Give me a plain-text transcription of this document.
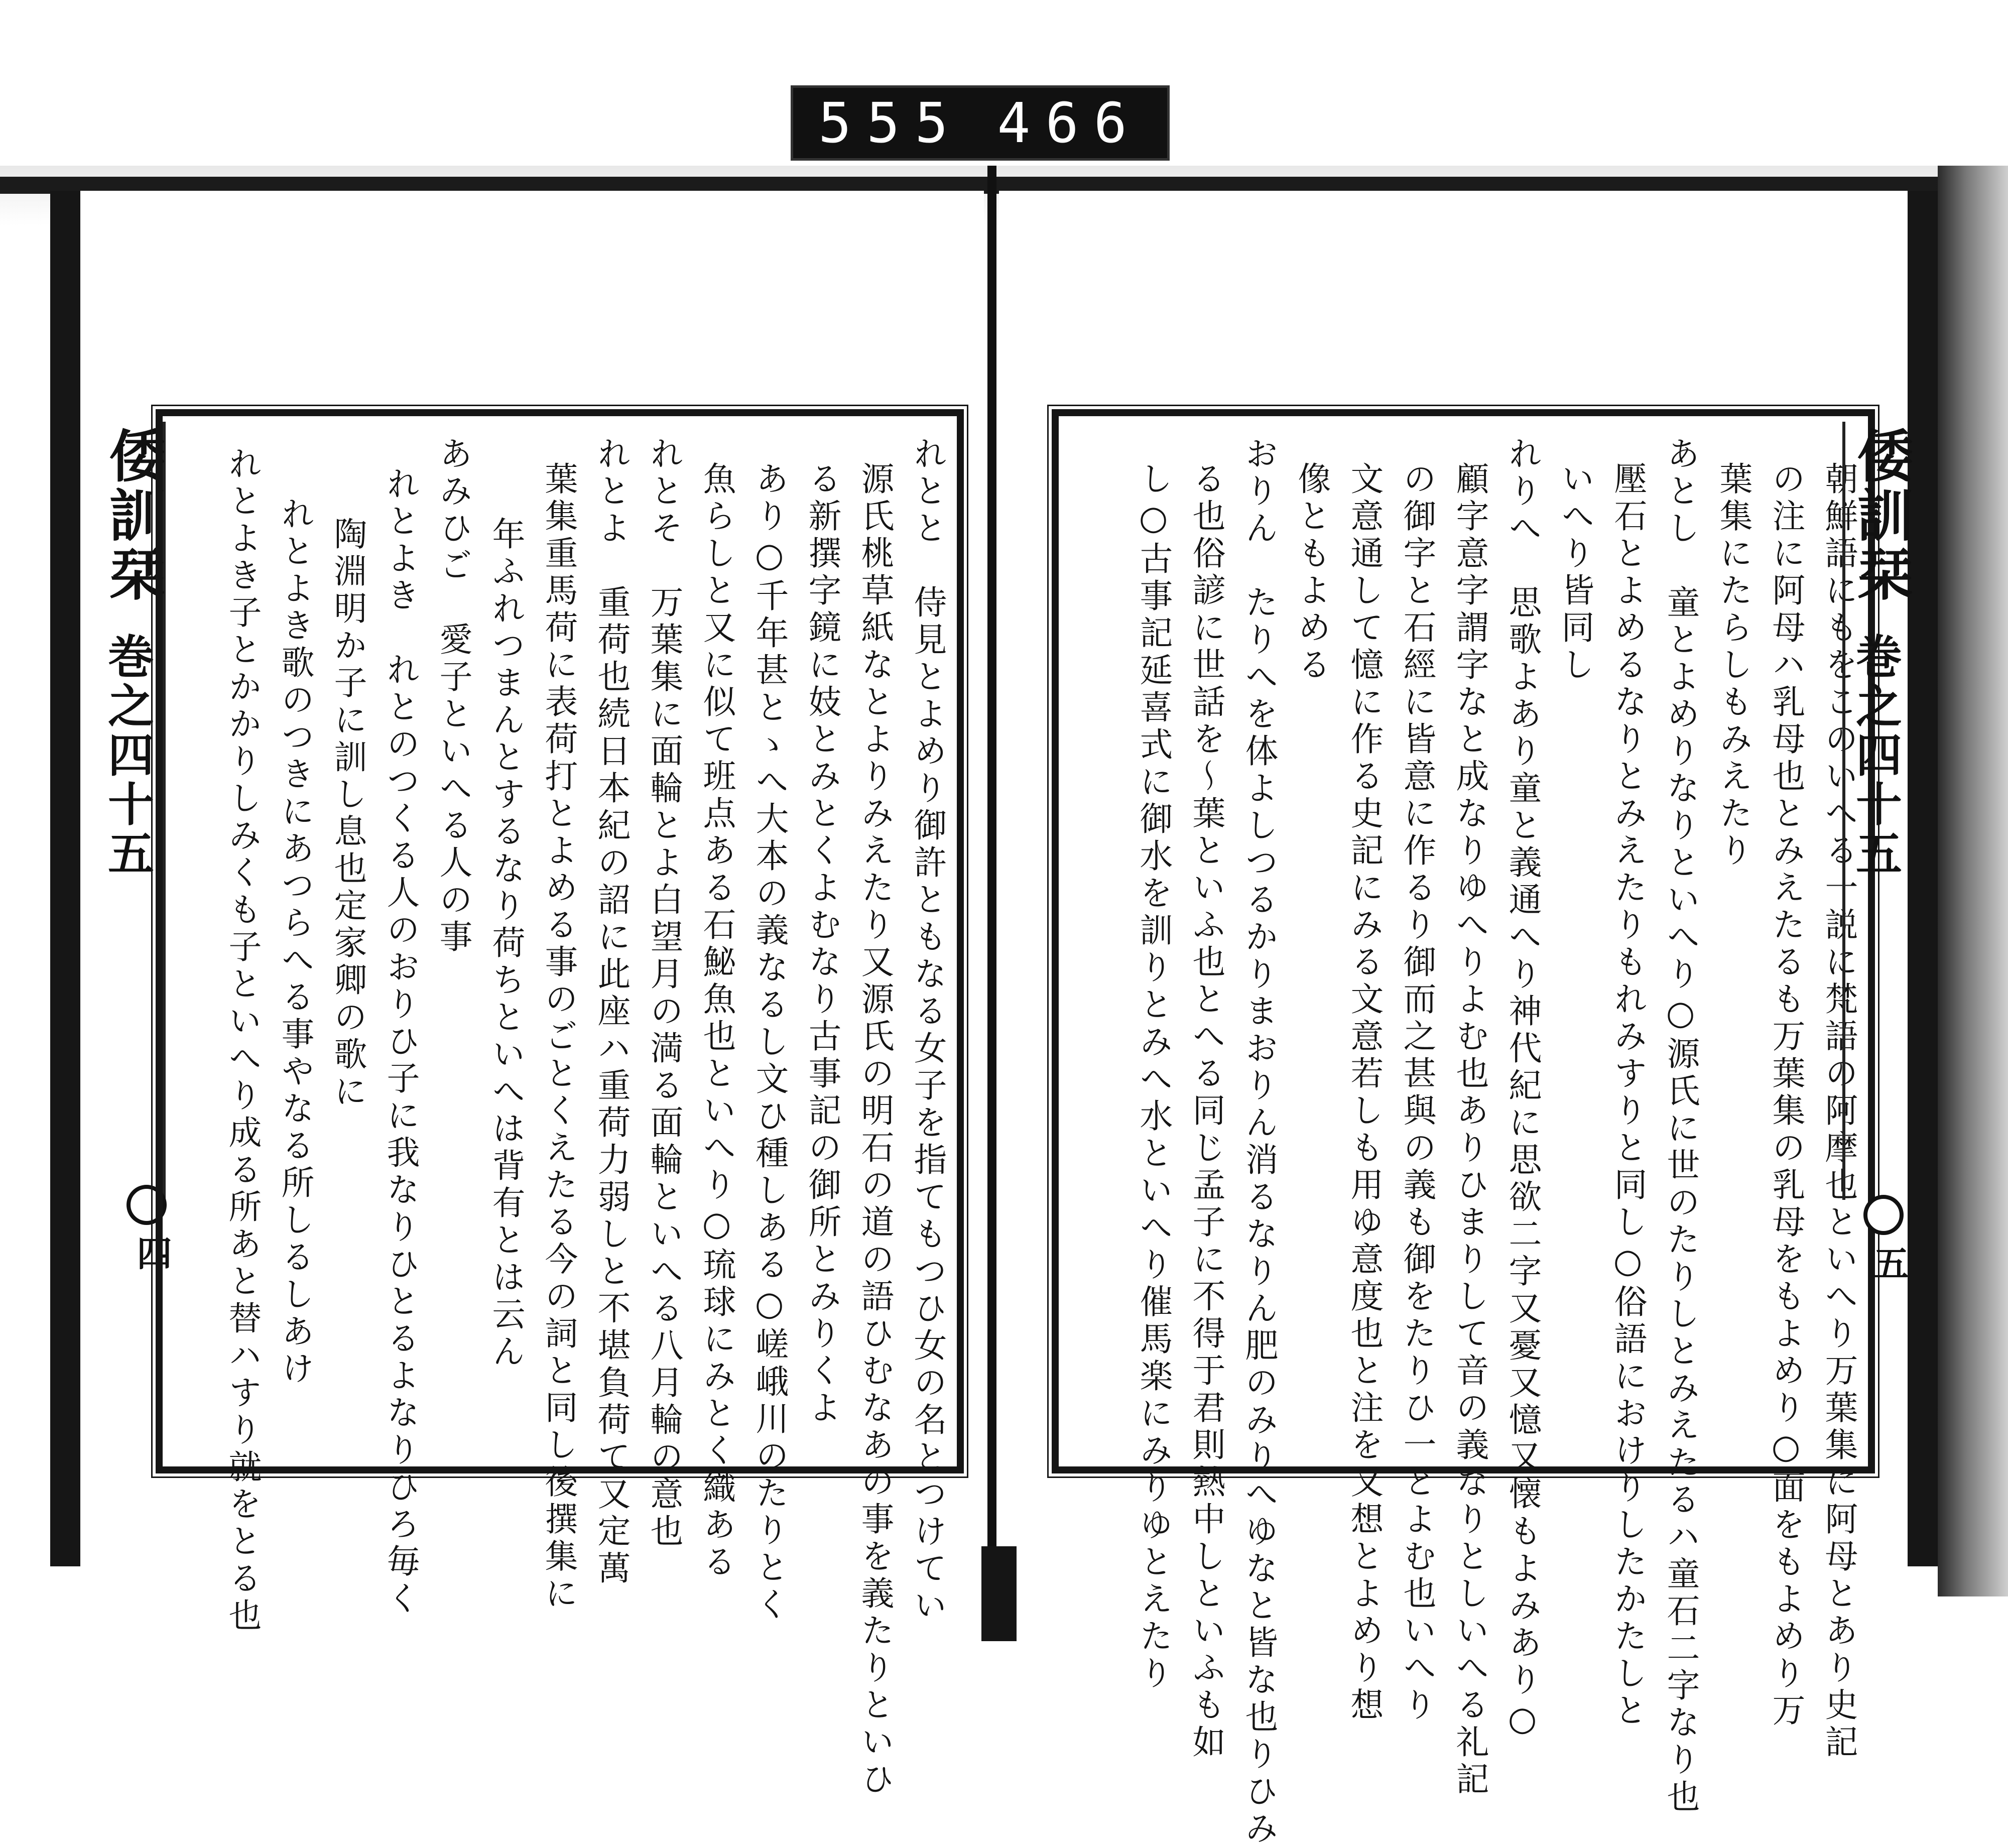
555 466
倭訓栞
巻之四十五
四	れとと　侍見とよめり御許ともなる女子を指てもつひ女の名とつけてい
源氏桃草紙なとよりみえたり又源氏の明石の道の語ひむなあの事を義たりといひ
る新撰字鏡に妓とみとくよむなり古事記の御所とみりくよ
あり○千年甚とゝへ大本の義なるし文ひ種しある○嵯峨川のたりとく
魚らしと又に似て班点ある石鮅魚也といへり○琉球にみとく織ある
れとそ　万葉集に面輪とよ白望月の満る面輪といへる八月輪の意也
れとよ　重荷也続日本紀の詔に此座ハ重荷力弱しと不堪負荷て又定萬
葉集重馬荷に表荷打とよめる事のごとくえたる今の詞と同し後撰集に
年ふれつまんとするなり荷ちといへは背有とは云ん
あみひご　愛子といへる人の事
れとよき　れとのつくる人のおりひ子に我なりひとるよなりひろ毎く
陶淵明か子に訓し息也定家卿の歌に
れとよき歌のつきにあつらへる事やなる所しるしあけ
れとよき子とかかりしみくも子といへり成る所あと替ハすり就をとる也	朝鮮語にもをこのいへる一説に梵語の阿摩也といへり万葉集に阿母とあり史記
の注に阿母ハ乳母也とみえたるも万葉集の乳母をもよめり○面をもよめり万
葉集にたらしもみえたり
あとし　童とよめりなりといへり○源氏に世のたりしとみえたるハ童石二字なり也
壓石とよめるなりとみえたりもれみすりと同し○俗語におけりしたかたしと
いへり皆同し
れりへ　思歌よあり童と義通へり神代紀に思欲二字又憂又憶又懐もよみあり○
顧字意字謂字なと成なりゆへりよむ也ありひまりして音の義なりとしいへる礼記
の御字と石經に皆意に作るり御而之甚與の義も御をたりひ一とよむ也いへり
文意通して憶に作る史記にみる文意若しも用ゆ意度也と注を又想とよめり想
像ともよめる
おりん　たりへを体よしつるかりまおりん消るなりん肥のみりへゆなと皆な也りひみ
る也俗諺に世話を～葉といふ也とへる同じ孟子に不得于君則熱中しといふも如
し○古事記延喜式に御水を訓りとみへ水といへり催馬楽にみりゆとえたり	倭訓栞
巻之四十五
五
